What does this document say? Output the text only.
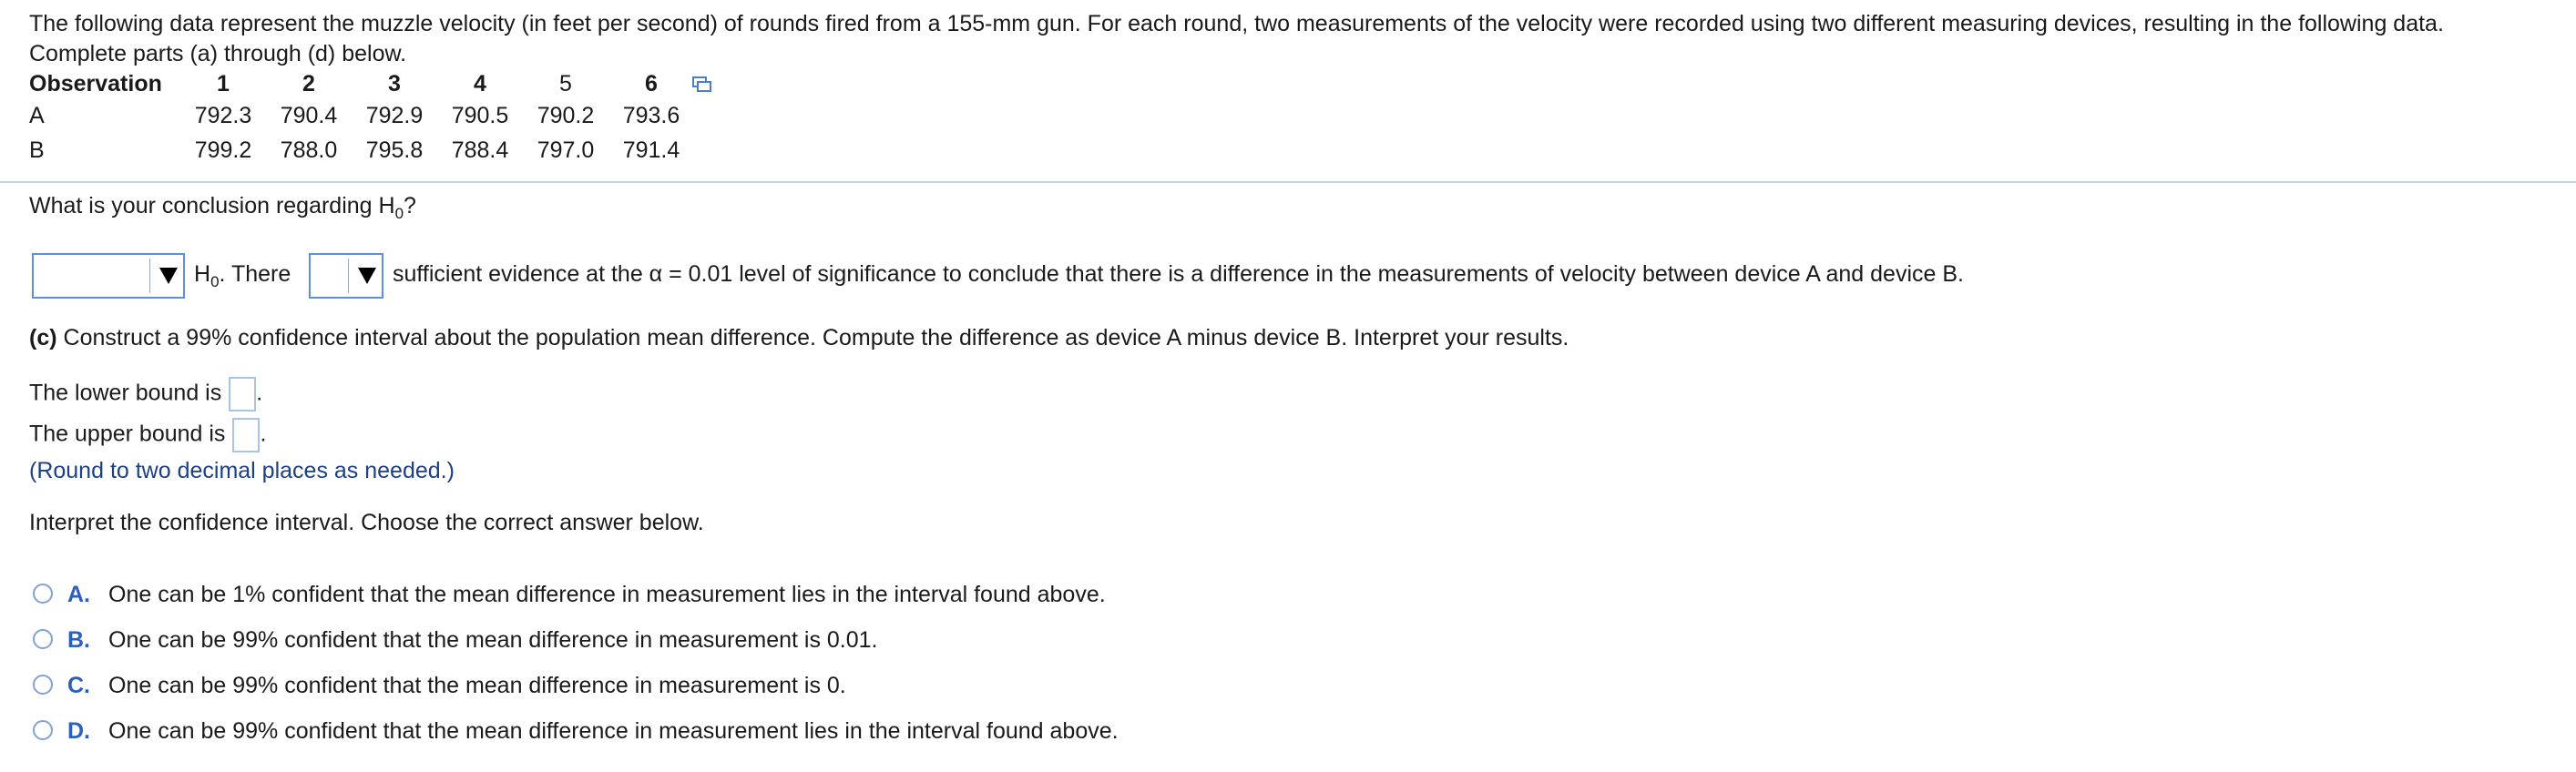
The following data represent the muzzle velocity (in feet per second) of rounds fired from a 155-mm gun. For each round, two measurements of the velocity were recorded using two different measuring devices, resulting in the following data.
Complete parts (a) through (d) below.
Observation	1	2	3	4	5	6
A	792.3	790.4	792.9	790.5	790.2	793.6
B	799.2	788.0	795.8	788.4	797.0	791.4
What is your conclusion regarding $H_0$?
$H_0$. There	sufficient evidence at the α = 0.01 level of significance to conclude that there is a difference in the measurements of velocity between device A and device B.
(c) Construct a 99% confidence interval about the population mean difference. Compute the difference as device A minus device B. Interpret your results.
The lower bound is .
The upper bound is .
(Round to two decimal places as needed.)
Interpret the confidence interval. Choose the correct answer below.
A. One can be 1% confident that the mean difference in measurement lies in the interval found above.
B. One can be 99% confident that the mean difference in measurement is 0.01.
C. One can be 99% confident that the mean difference in measurement is 0.
D. One can be 99% confident that the mean difference in measurement lies in the interval found above.
